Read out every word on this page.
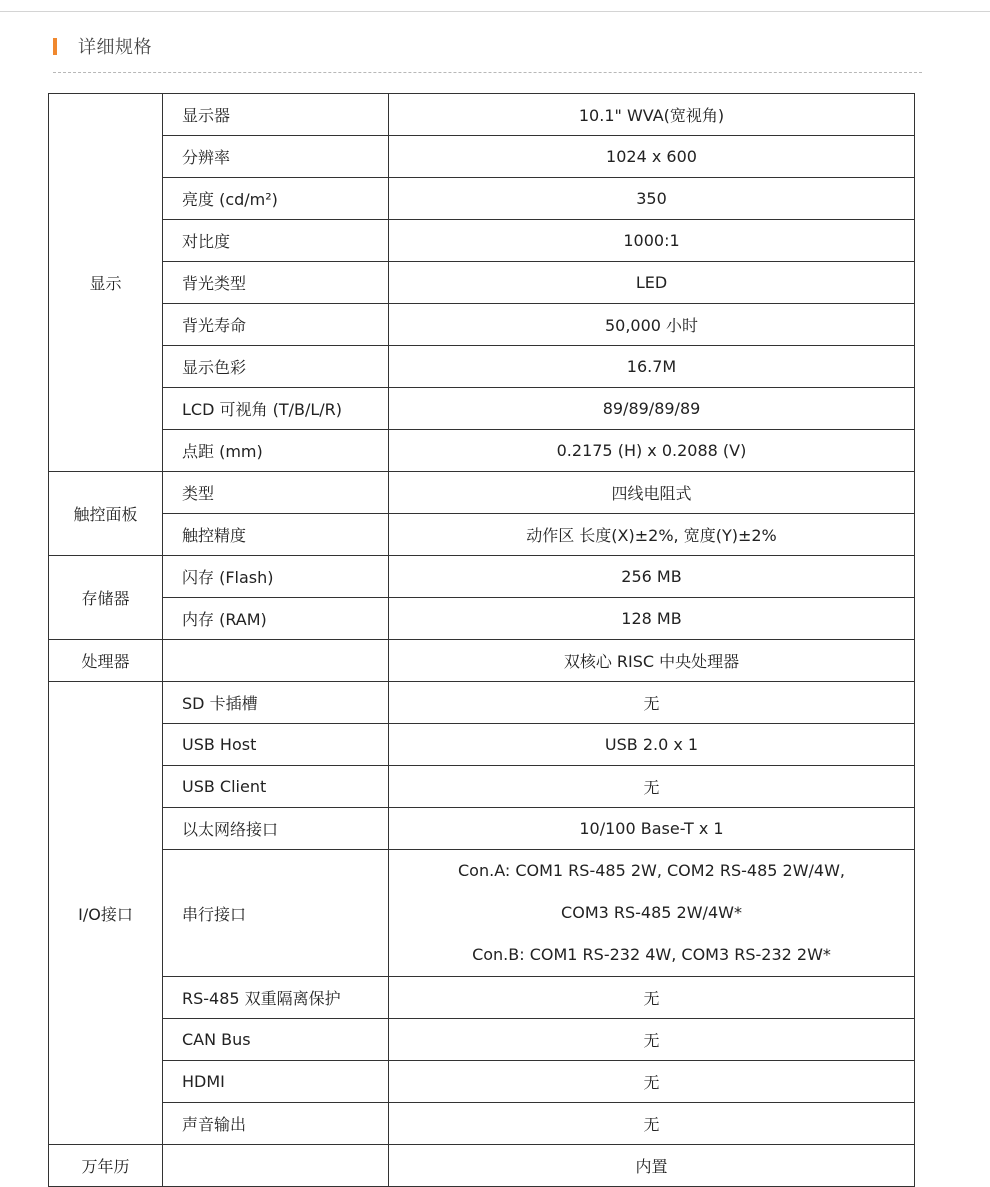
详细规格
显示	显示器	10.1" WVA(宽视角)
	分辨率	1024 x 600
	亮度 (cd/m²)	350
	对比度	1000:1
	背光类型	LED
	背光寿命	50,000 小时
	显示色彩	16.7M
	LCD 可视角 (T/B/L/R)	89/89/89/89
	点距 (mm)	0.2175 (H) x 0.2088 (V)
触控面板	类型	四线电阻式
	触控精度	动作区 长度(X)±2%, 宽度(Y)±2%
存储器	闪存 (Flash)	256 MB
	内存 (RAM)	128 MB
处理器		双核心 RISC 中央处理器
I/O接口	SD 卡插槽	无
	USB Host	USB 2.0 x 1
	USB Client	无
	以太网络接口	10/100 Base-T x 1
	串行接口	Con.A: COM1 RS-485 2W, COM2 RS-485 2W/4W,
COM3 RS-485 2W/4W*
Con.B: COM1 RS-232 4W, COM3 RS-232 2W*

	RS-485 双重隔离保护	无
	CAN Bus	无
	HDMI	无
	声音输出	无
万年历		内置
